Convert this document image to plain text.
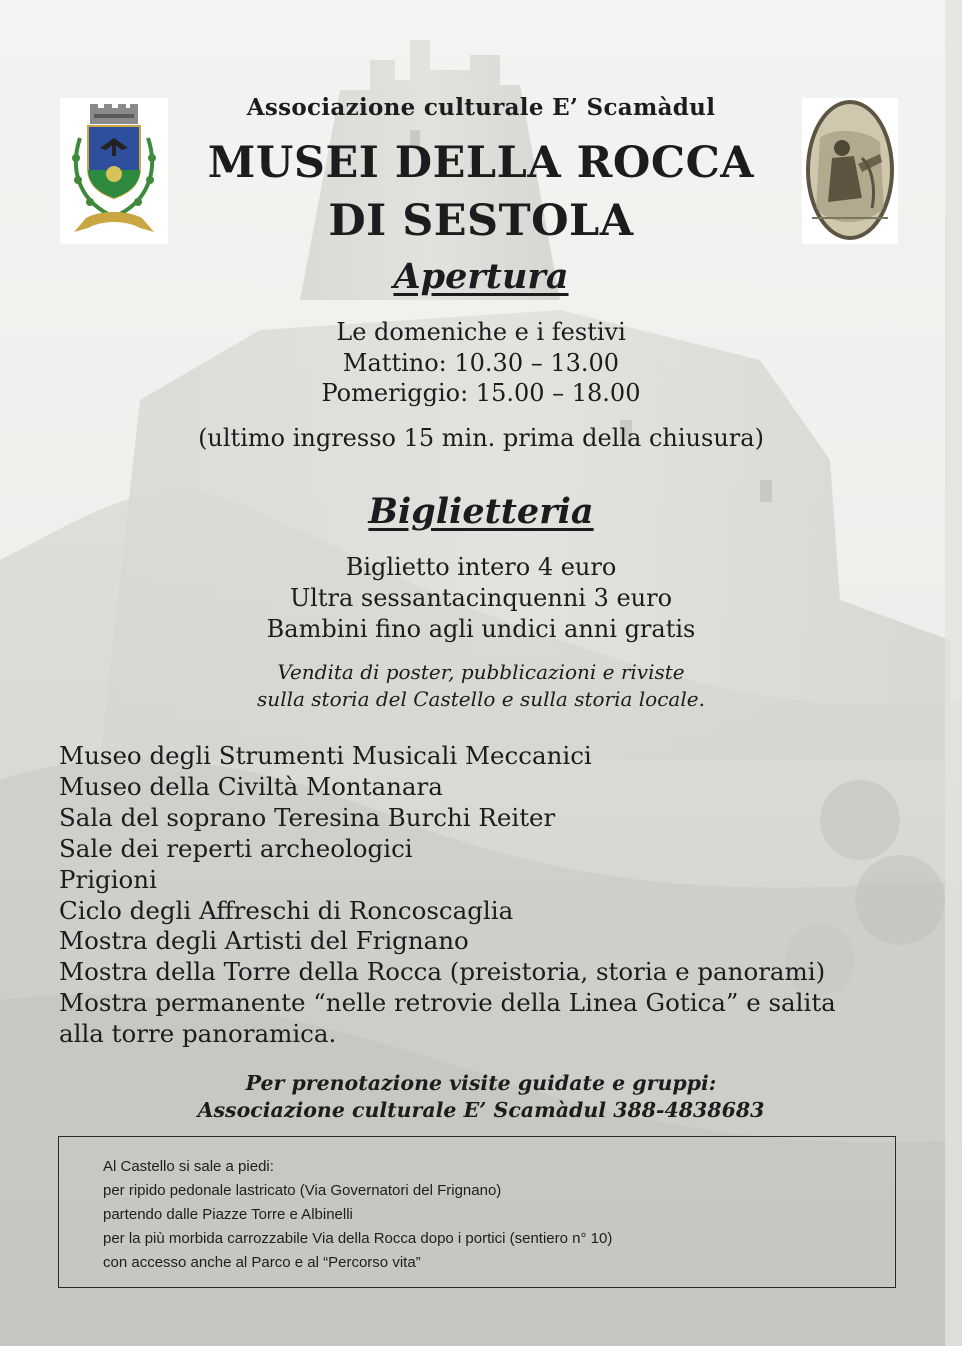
Associazione culturale E’ Scamàdul
MUSEI DELLA ROCCA
DI SESTOLA
Apertura
Le domeniche e i festivi
Mattino: 10.30 – 13.00
Pomeriggio: 15.00 – 18.00
(ultimo ingresso 15 min. prima della chiusura)
Biglietteria
Biglietto intero 4 euro
Ultra sessantacinquenni 3 euro
Bambini fino agli undici anni gratis
Vendita di poster, pubblicazioni e riviste
sulla storia del Castello e sulla storia locale.
Museo degli Strumenti Musicali Meccanici
Museo della Civiltà Montanara
Sala del soprano Teresina Burchi Reiter
Sale dei reperti archeologici
Prigioni
Ciclo degli Affreschi di Roncoscaglia
Mostra degli Artisti del Frignano
Mostra della Torre della Rocca (preistoria, storia e panorami)
Mostra permanente “nelle retrovie della Linea Gotica” e salita
alla torre panoramica.
Per prenotazione visite guidate e gruppi:
Associazione culturale E’ Scamàdul 388-4838683
Al Castello si sale a piedi:
per ripido pedonale lastricato (Via Governatori del Frignano)
partendo dalle Piazze Torre e Albinelli
per la più morbida carrozzabile Via della Rocca dopo i portici (sentiero n° 10)
con accesso anche al Parco e al “Percorso vita”
